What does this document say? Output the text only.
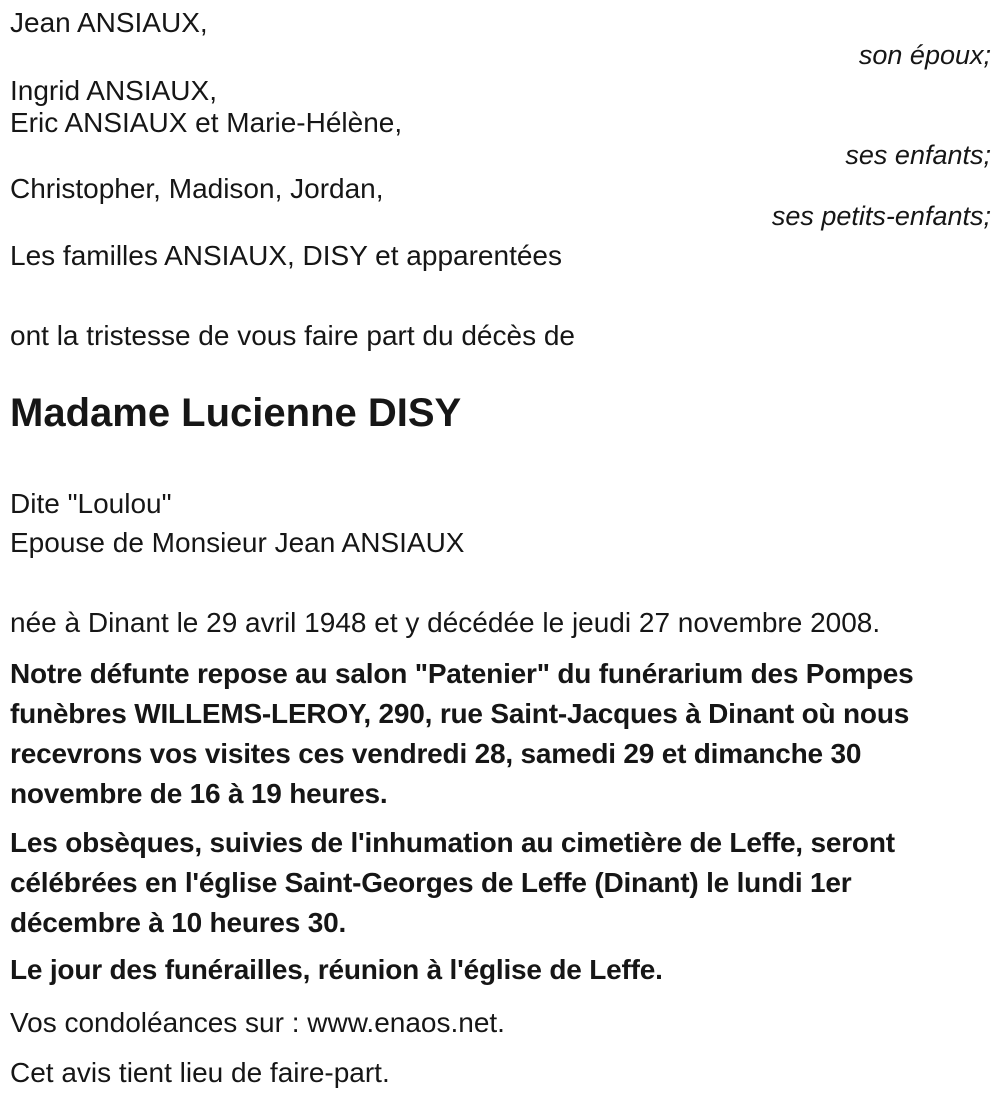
Jean ANSIAUX,
son époux;
Ingrid ANSIAUX,
Eric ANSIAUX et Marie-Hélène,
ses enfants;
Christopher, Madison, Jordan,
ses petits-enfants;
Les familles ANSIAUX, DISY et apparentées
ont la tristesse de vous faire part du décès de
Madame Lucienne DISY
Dite "Loulou"
Epouse de Monsieur Jean ANSIAUX
née à Dinant le 29 avril 1948 et y décédée le jeudi 27 novembre 2008.
Notre défunte repose au salon "Patenier" du funérarium des Pompes funèbres WILLEMS-LEROY, 290, rue Saint-Jacques à Dinant où nous recevrons vos visites ces vendredi 28, samedi 29 et dimanche 30 novembre de 16 à 19 heures.
Les obsèques, suivies de l'inhumation au cimetière de Leffe, seront célébrées en l'église Saint-Georges de Leffe (Dinant) le lundi 1er décembre à 10 heures 30.
Le jour des funérailles, réunion à l'église de Leffe.
Vos condoléances sur : www.enaos.net.
Cet avis tient lieu de faire-part.
